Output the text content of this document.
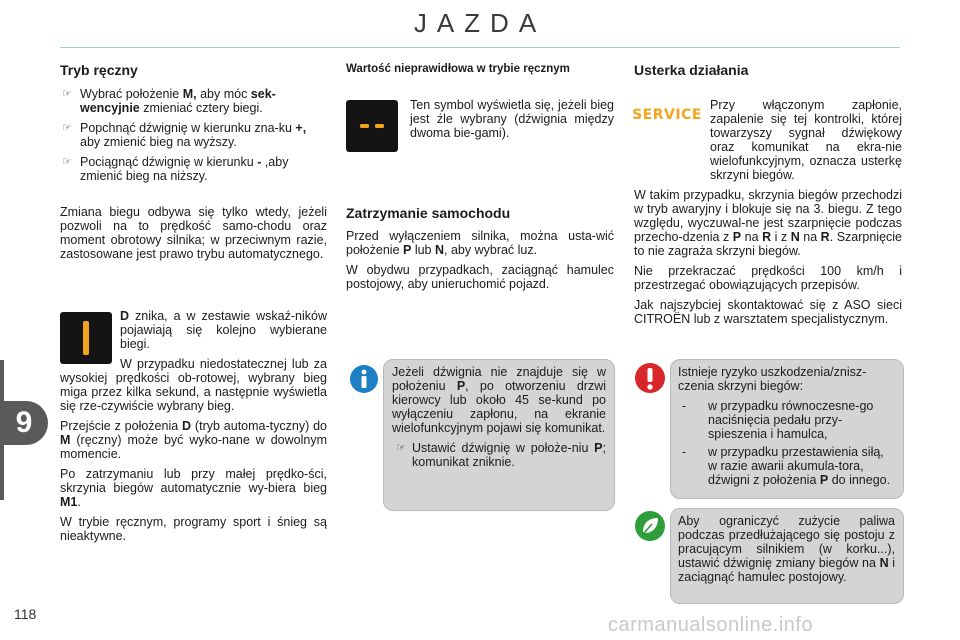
JAZDA
9
Tryb ręczny
☞ Wybrać położenie M, aby móc sek-wencyjnie zmieniać cztery biegi.
☞ Popchnąć dźwignię w kierunku zna-ku +, aby zmienić bieg na wyższy.
☞ Pociągnąć dźwignię w kierunku - ,aby zmienić bieg na niższy.

Zmiana biegu odbywa się tylko wtedy, jeżeli pozwoli na to prędkość samo-chodu oraz moment obrotowy silnika; w przeciwnym razie, zastosowane jest prawo trybu automatycznego.

D znika, a w zestawie wskaź-ników pojawiają się kolejno wybierane biegi.

W przypadku niedostatecznej lub za wysokiej prędkości ob-rotowej, wybrany bieg miga przez kilka sekund, a następnie wyświetla się rze-czywiście wybrany bieg.

Przejście z położenia D (tryb automa-tyczny) do M (ręczny) może być wyko-nane w dowolnym momencie.

Po zatrzymaniu lub przy małej prędko-ści, skrzynia biegów automatycznie wy-biera bieg M1.

W trybie ręcznym, programy sport i śnieg są nieaktywne.

Wartość nieprawidłowa w trybie ręcznym

Ten symbol wyświetla się, jeżeli bieg jest źle wybrany (dźwignia między dwoma bie-gami).

Zatrzymanie samochodu

Przed wyłączeniem silnika, można usta-wić położenie P lub N, aby wybrać luz.

W obydwu przypadkach, zaciągnąć hamulec postojowy, aby unieruchomić pojazd.

Jeżeli dźwignia nie znajduje się w położeniu P, po otworzeniu drzwi kierowcy lub około 45 se-kund po wyłączeniu zapłonu, na ekranie wielofunkcyjnym pojawi się komunikat.

☞ Ustawić dźwignię w położe-niu P; komunikat zniknie.
Usterka działania
SERVICE

Przy włączonym zapłonie, zapalenie się tej kontrolki, której towarzyszy sygnał dźwiękowy oraz komunikat na ekra-nie wielofunkcyjnym, oznacza usterkę skrzyni biegów.

W takim przypadku, skrzynia biegów przechodzi w tryb awaryjny i blokuje się na 3. biegu. Z tego względu, wyczuwal-ne jest szarpnięcie podczas przecho-dzenia z P na R i z N na R. Szarpnięcie to nie zagraża skrzyni biegów.

Nie przekraczać prędkości 100 km/h i przestrzegać obowiązujących przepisów.

Jak najszybciej skontaktować się z ASO sieci CITROËN lub z warsztatem specjalistycznym.

Istnieje ryzyko uszkodzenia/znisz-czenia skrzyni biegów:

- w przypadku równoczesne-go naciśnięcia pedału przy-spieszenia i hamulca,
- w przypadku przestawienia siłą, w razie awarii akumula-tora, dźwigni z położenia P do innego.

Aby ograniczyć zużycie paliwa podczas przedłużającego się postoju z pracującym silnikiem (w korku...), ustawić dźwignię zmiany biegów na N i zaciągnąć hamulec postojowy.

118	carmanualsonline.info
